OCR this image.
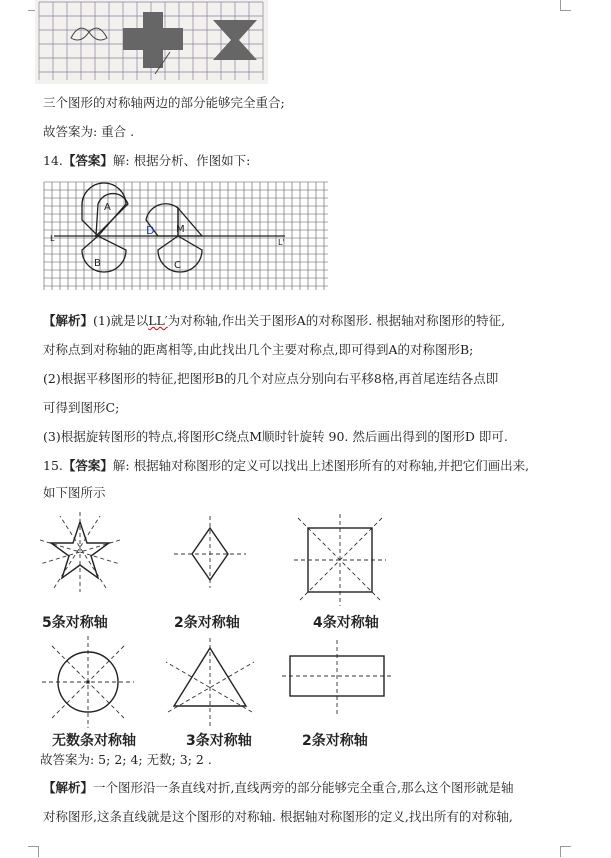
三个图形的对称轴两边的部分能够完全重合;
故答案为: 重合 .
14.【答案】解: 根据分析、作图如下:
A
B	C
D M
L	L'
【解析】(1)就是以LL′为对称轴,作出关于图形A的对称图形. 根据轴对称图形的特征,
对称点到对称轴的距离相等,由此找出几个主要对称点,即可得到A的对称图形B;
(2)根据平移图形的特征,把图形B的几个对应点分别向右平移8格,再首尾连结各点即
可得到图形C;
(3)根据旋转图形的特点,将图形C绕点M顺时针旋转 90. 然后画出得到的图形D 即可.
15.【答案】解: 根据轴对称图形的定义可以找出上述图形所有的对称轴,并把它们画出来,
如下图所示
5条对称轴	2条对称轴	4条对称轴
无数条对称轴	3条对称轴	2条对称轴
故答案为: 5; 2; 4; 无数; 3; 2 .
【解析】一个图形沿一条直线对折,直线两旁的部分能够完全重合,那么这个图形就是轴
对称图形,这条直线就是这个图形的对称轴. 根据轴对称图形的定义,找出所有的对称轴,
